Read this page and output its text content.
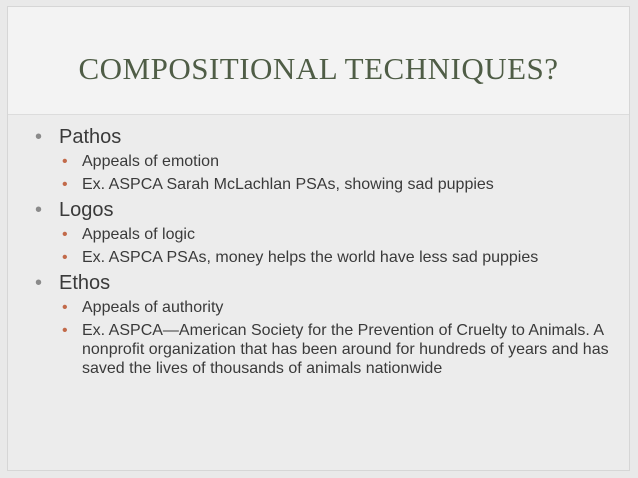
COMPOSITIONAL TECHNIQUES?
• Pathos
• Appeals of emotion
• Ex. ASPCA Sarah McLachlan PSAs, showing sad puppies
• Logos
• Appeals of logic
• Ex. ASPCA PSAs, money helps the world have less sad puppies
• Ethos
• Appeals of authority
• Ex. ASPCA—American Society for the Prevention of Cruelty to Animals. A nonprofit organization that has been around for hundreds of years and has saved the lives of thousands of animals nationwide
